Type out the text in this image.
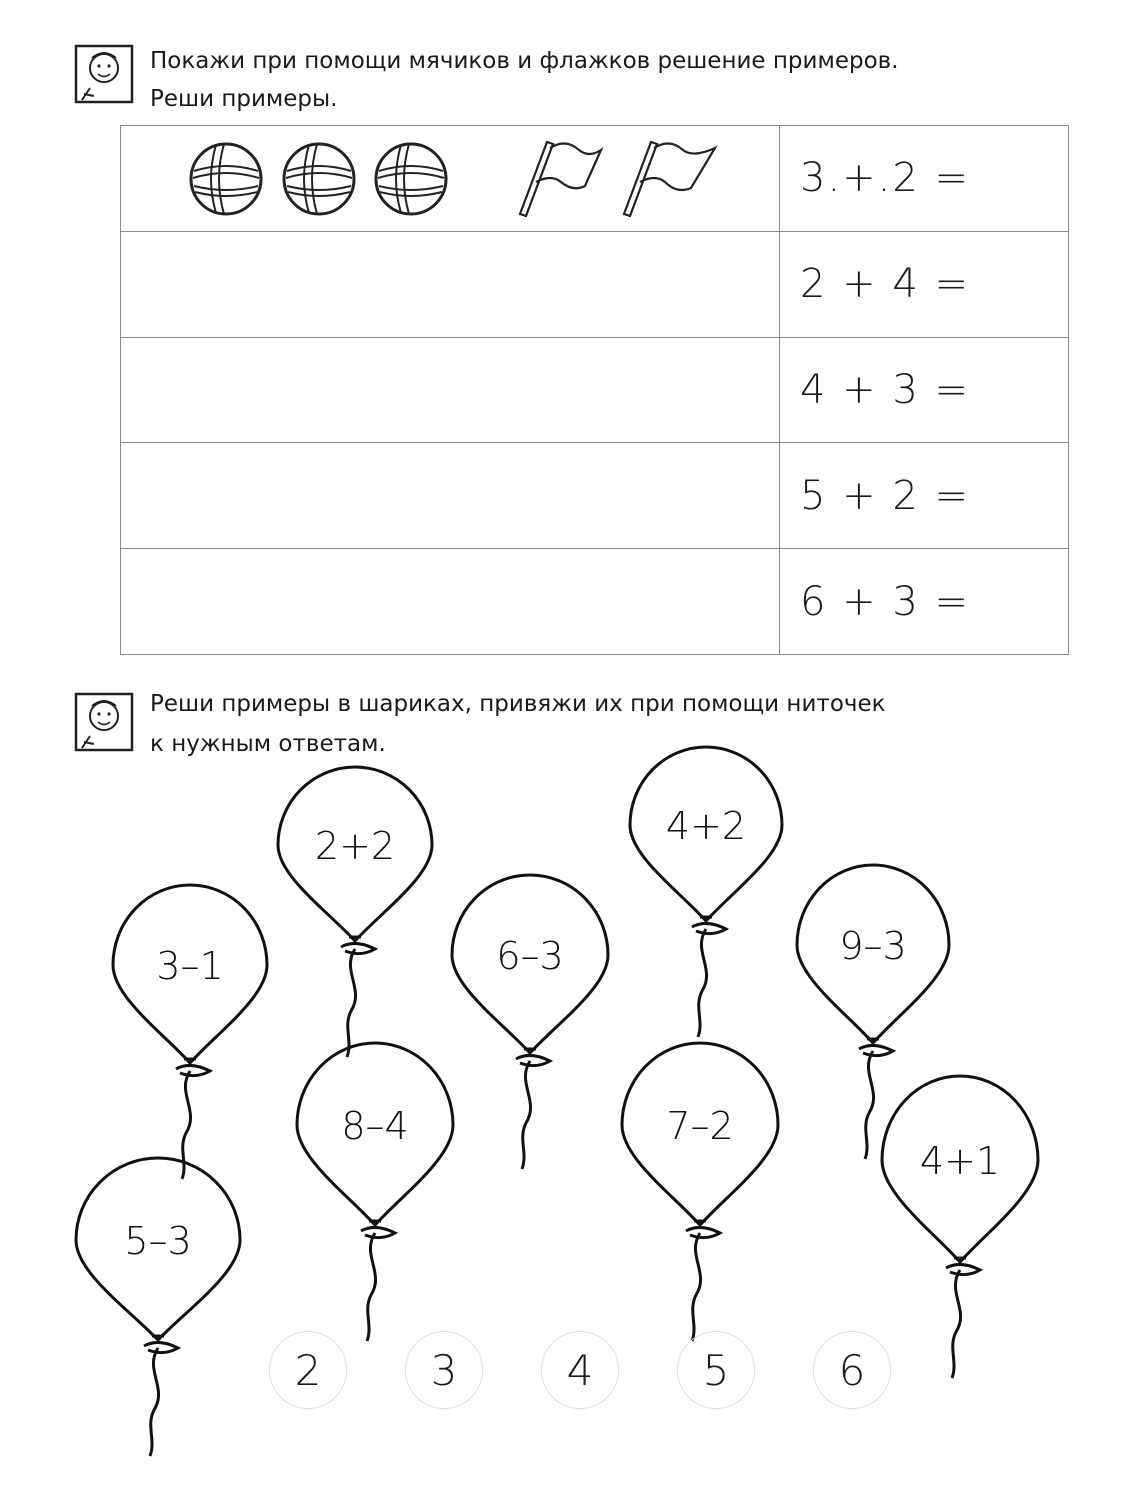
Покажи при помощи мячиков и флажков решение примеров.
Реши примеры.
	3.+.2 =
	2 + 4 =
	4 + 3 =
	5 + 2 =
	6 + 3 =
Реши примеры в шариках, привяжи их при помощи ниточек
к нужным ответам.
2+2	4+2
3–1	6–3	9–3
8–4	7–2
5–3
4+1
2	3	4	5	6
